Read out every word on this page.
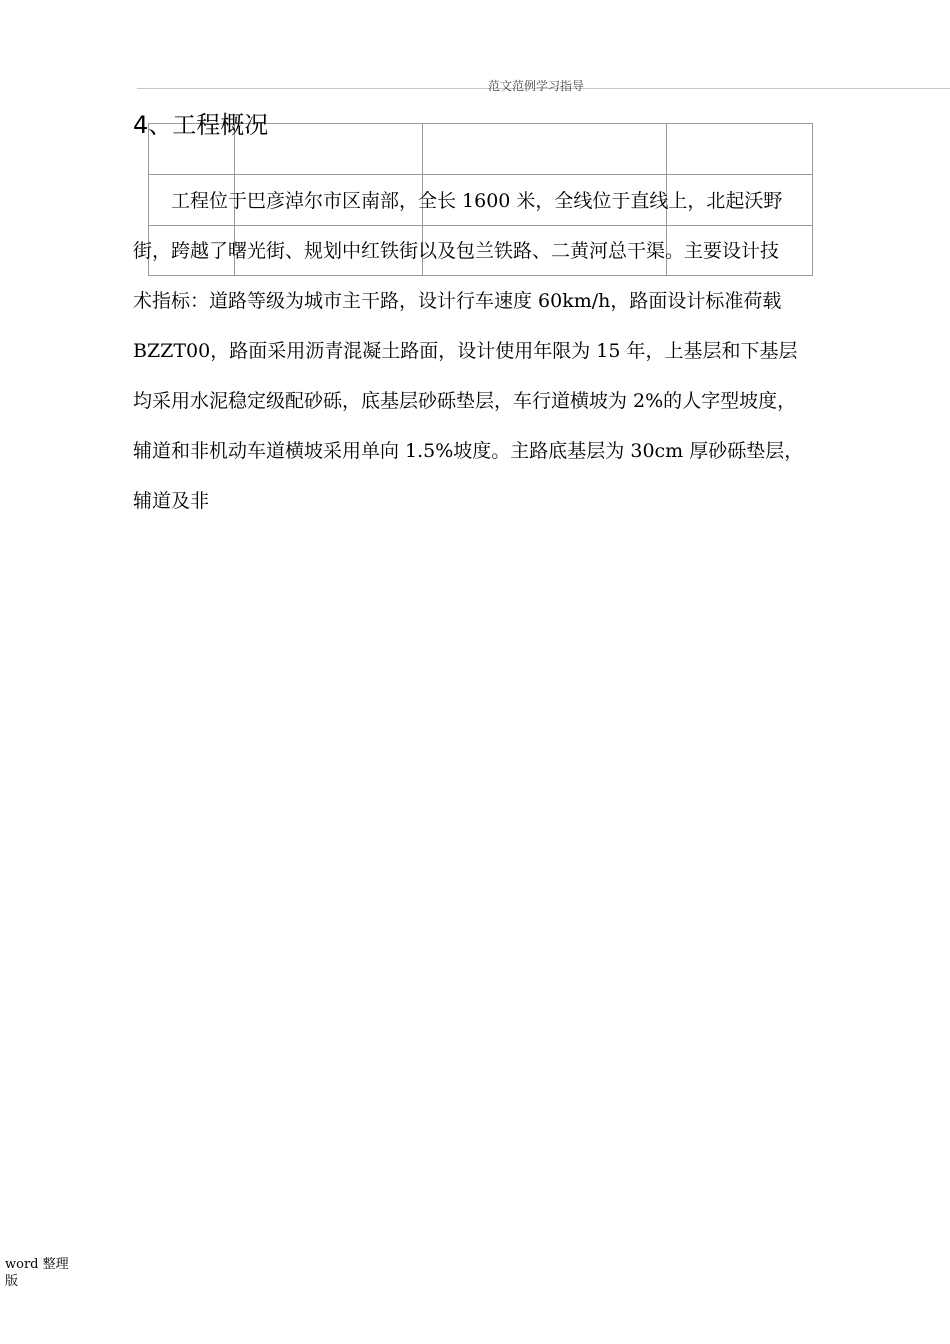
范文范例学习指导

4、工程概况
　　工程位于巴彦淖尔市区南部，全长 1600 米，全线位于直线上，北起沃野
街，跨越了曙光街、规划中红铁街以及包兰铁路、二黄河总干渠。主要设计技
术指标：道路等级为城市主干路，设计行车速度 60km/h，路面设计标准荷载
BZZT00，路面采用沥青混凝土路面，设计使用年限为 15 年，上基层和下基层
均采用水泥稳定级配砂砾，底基层砂砾垫层，车行道横坡为 2%的人字型坡度，
辅道和非机动车道横坡采用单向 1.5%坡度。主路底基层为 30cm 厚砂砾垫层，
辅道及非
word 整理版
